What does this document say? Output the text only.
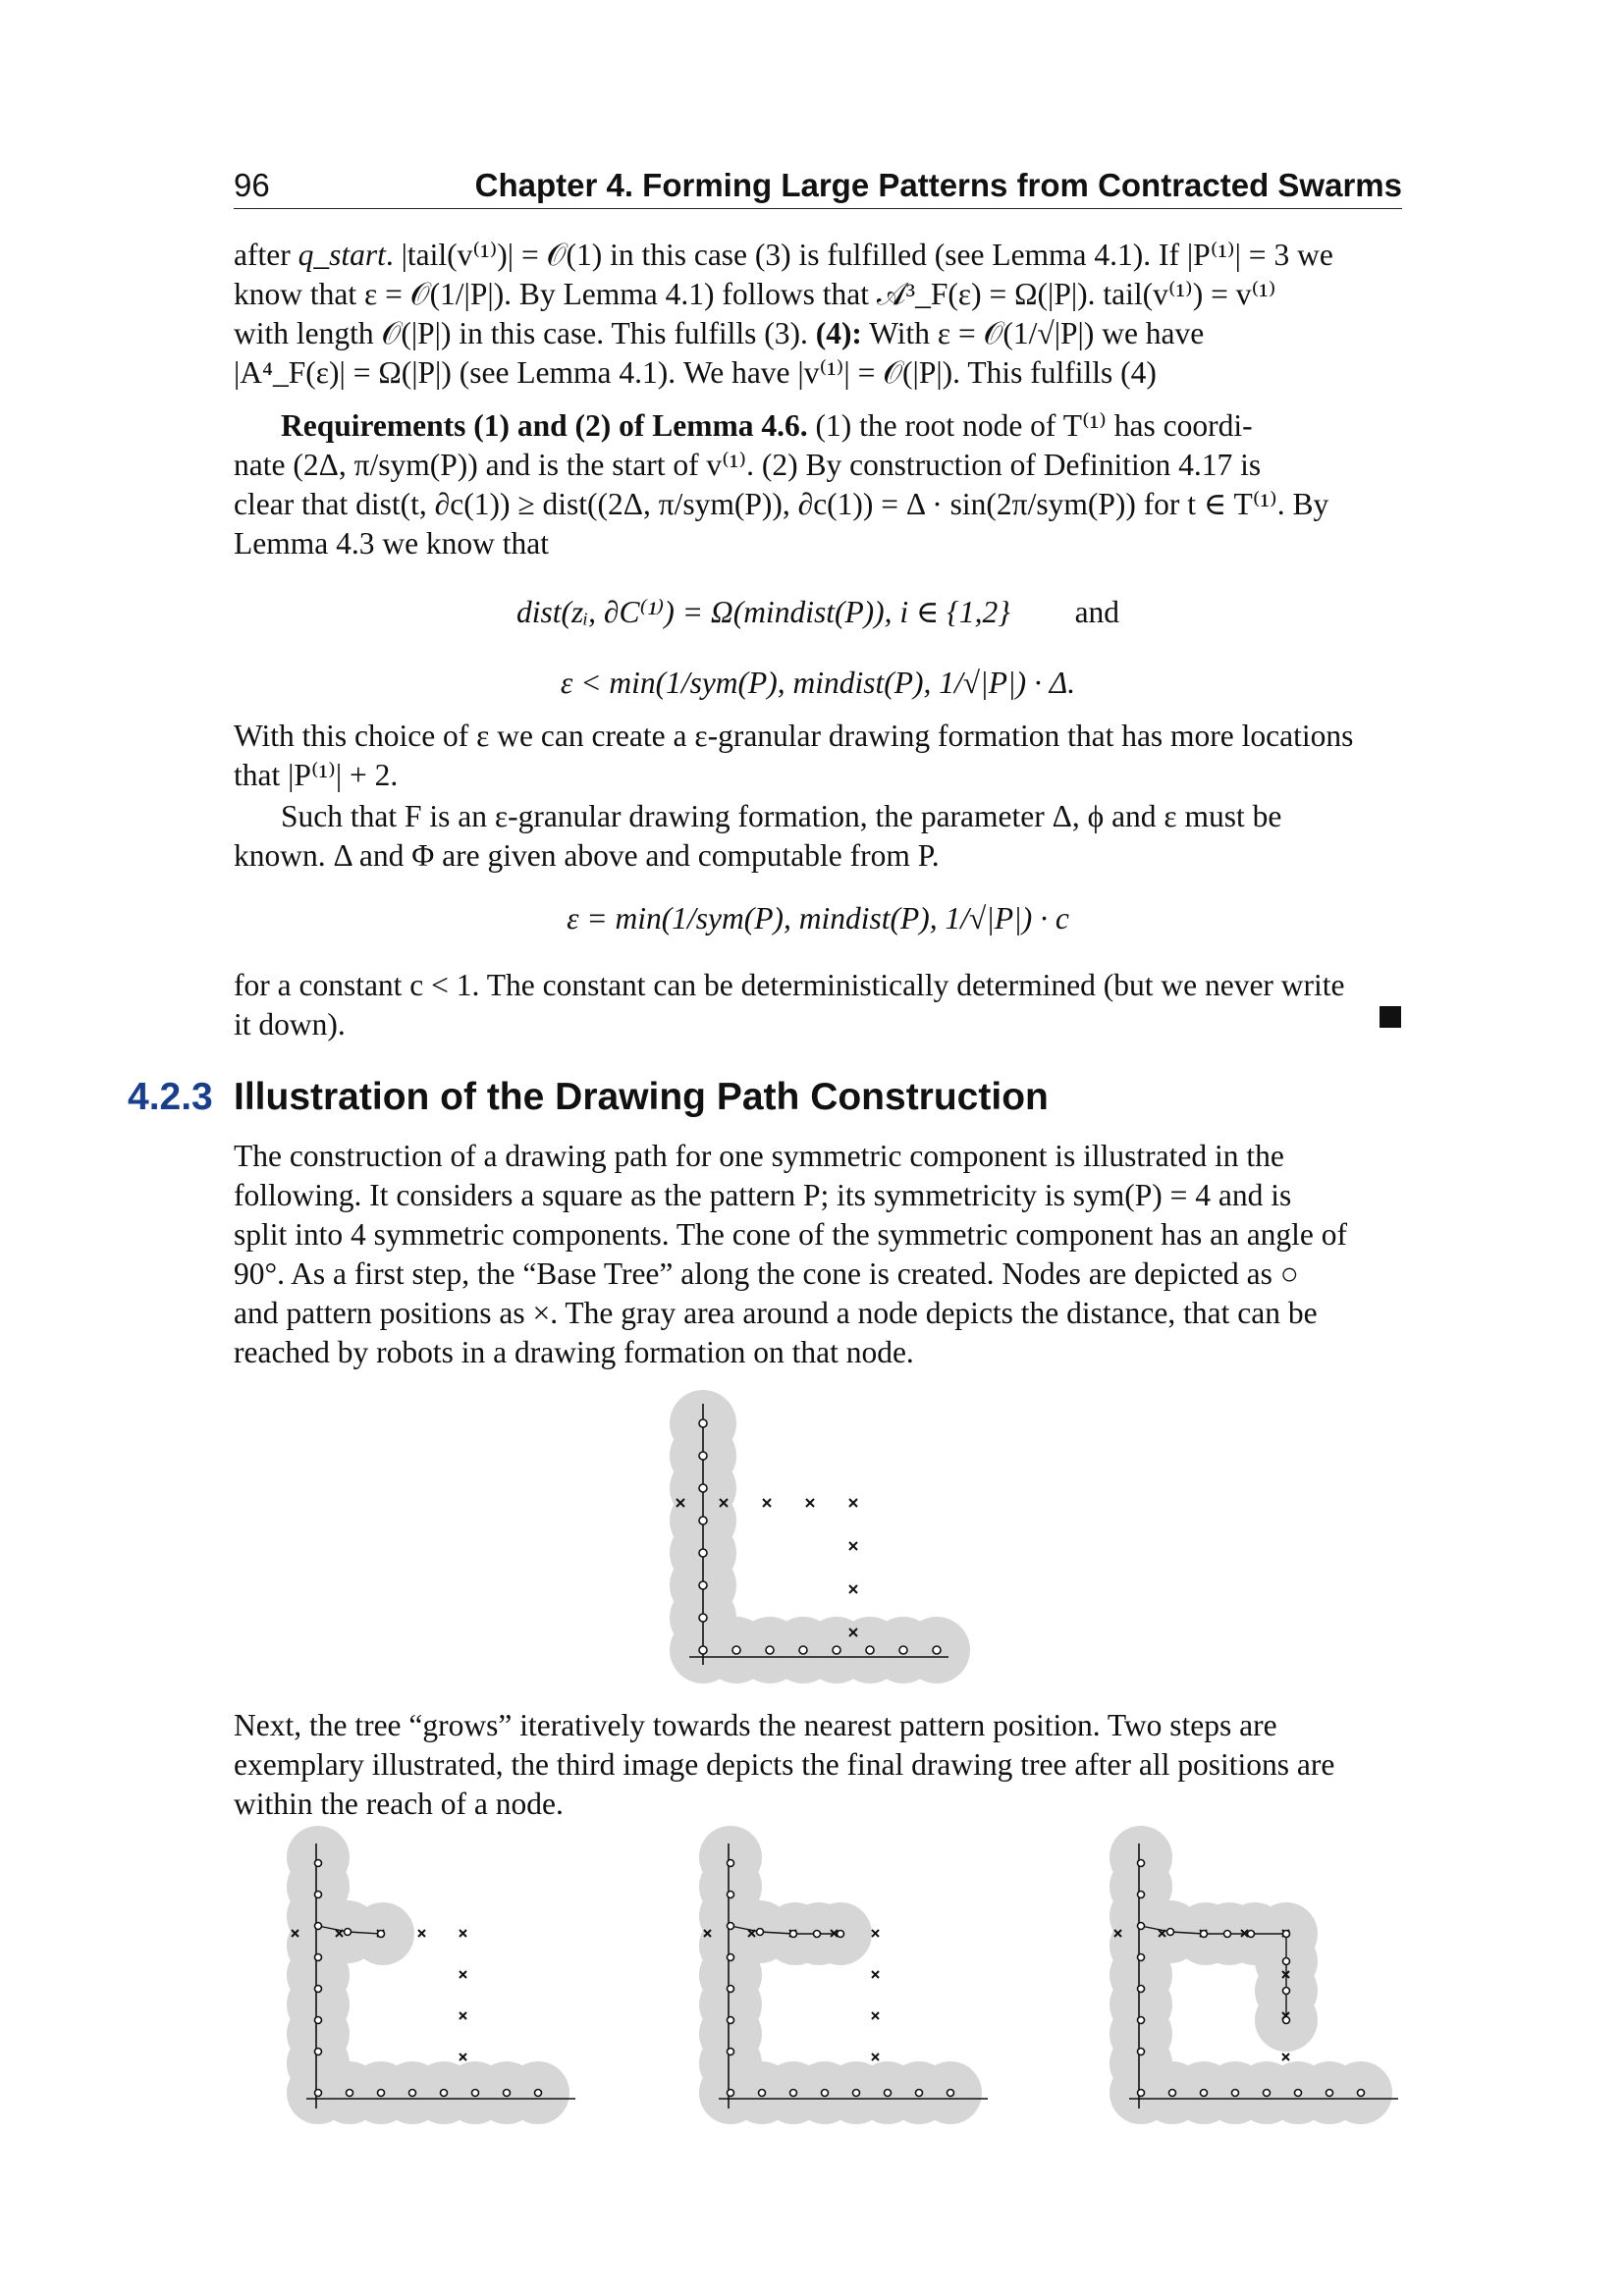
96	Chapter 4. Forming Large Patterns from Contracted Swarms

after q_start. |tail(v⁽¹⁾)| = 𝒪(1) in this case (3) is fulfilled (see Lemma 4.1). If |P⁽¹⁾| = 3 we

know that ε = 𝒪(1/|P|). By Lemma 4.1) follows that 𝒜³_F(ε) = Ω(|P|). tail(v⁽¹⁾) = v⁽¹⁾

with length 𝒪(|P|) in this case. This fulfills (3). (4): With ε = 𝒪(1/√|P|) we have

|A⁴_F(ε)| = Ω(|P|) (see Lemma 4.1). We have |v⁽¹⁾| = 𝒪(|P|). This fulfills (4)

Requirements (1) and (2) of Lemma 4.6. (1) the root node of T⁽¹⁾ has coordi-

nate (2Δ, π/sym(P)) and is the start of v⁽¹⁾. (2) By construction of Definition 4.17 is

clear that dist(t, ∂c(1)) ≥ dist((2Δ, π/sym(P)), ∂c(1)) = Δ · sin(2π/sym(P)) for t ∈ T⁽¹⁾. By

Lemma 4.3 we know that

dist(zᵢ, ∂C⁽¹⁾) = Ω(mindist(P)), i ∈ {1,2} and
ε < min(1/sym(P), mindist(P), 1/√|P|) · Δ.

With this choice of ε we can create a ε-granular drawing formation that has more locations

that |P⁽¹⁾| + 2.

Such that F is an ε-granular drawing formation, the parameter Δ, ϕ and ε must be

known. Δ and Φ are given above and computable from P.

ε = min(1/sym(P), mindist(P), 1/√|P|) · c

for a constant c < 1. The constant can be deterministically determined (but we never write

it down).

4.2.3 Illustration of the Drawing Path Construction

The construction of a drawing path for one symmetric component is illustrated in the

following. It considers a square as the pattern P; its symmetricity is sym(P) = 4 and is

split into 4 symmetric components. The cone of the symmetric component has an angle of

90°. As a first step, the “Base Tree” along the cone is created. Nodes are depicted as ○

and pattern positions as ×. The gray area around a node depicts the distance, that can be

reached by robots in a drawing formation on that node.

Next, the tree “grows” iteratively towards the nearest pattern position. Two steps are

exemplary illustrated, the third image depicts the final drawing tree after all positions are

within the reach of a node.
